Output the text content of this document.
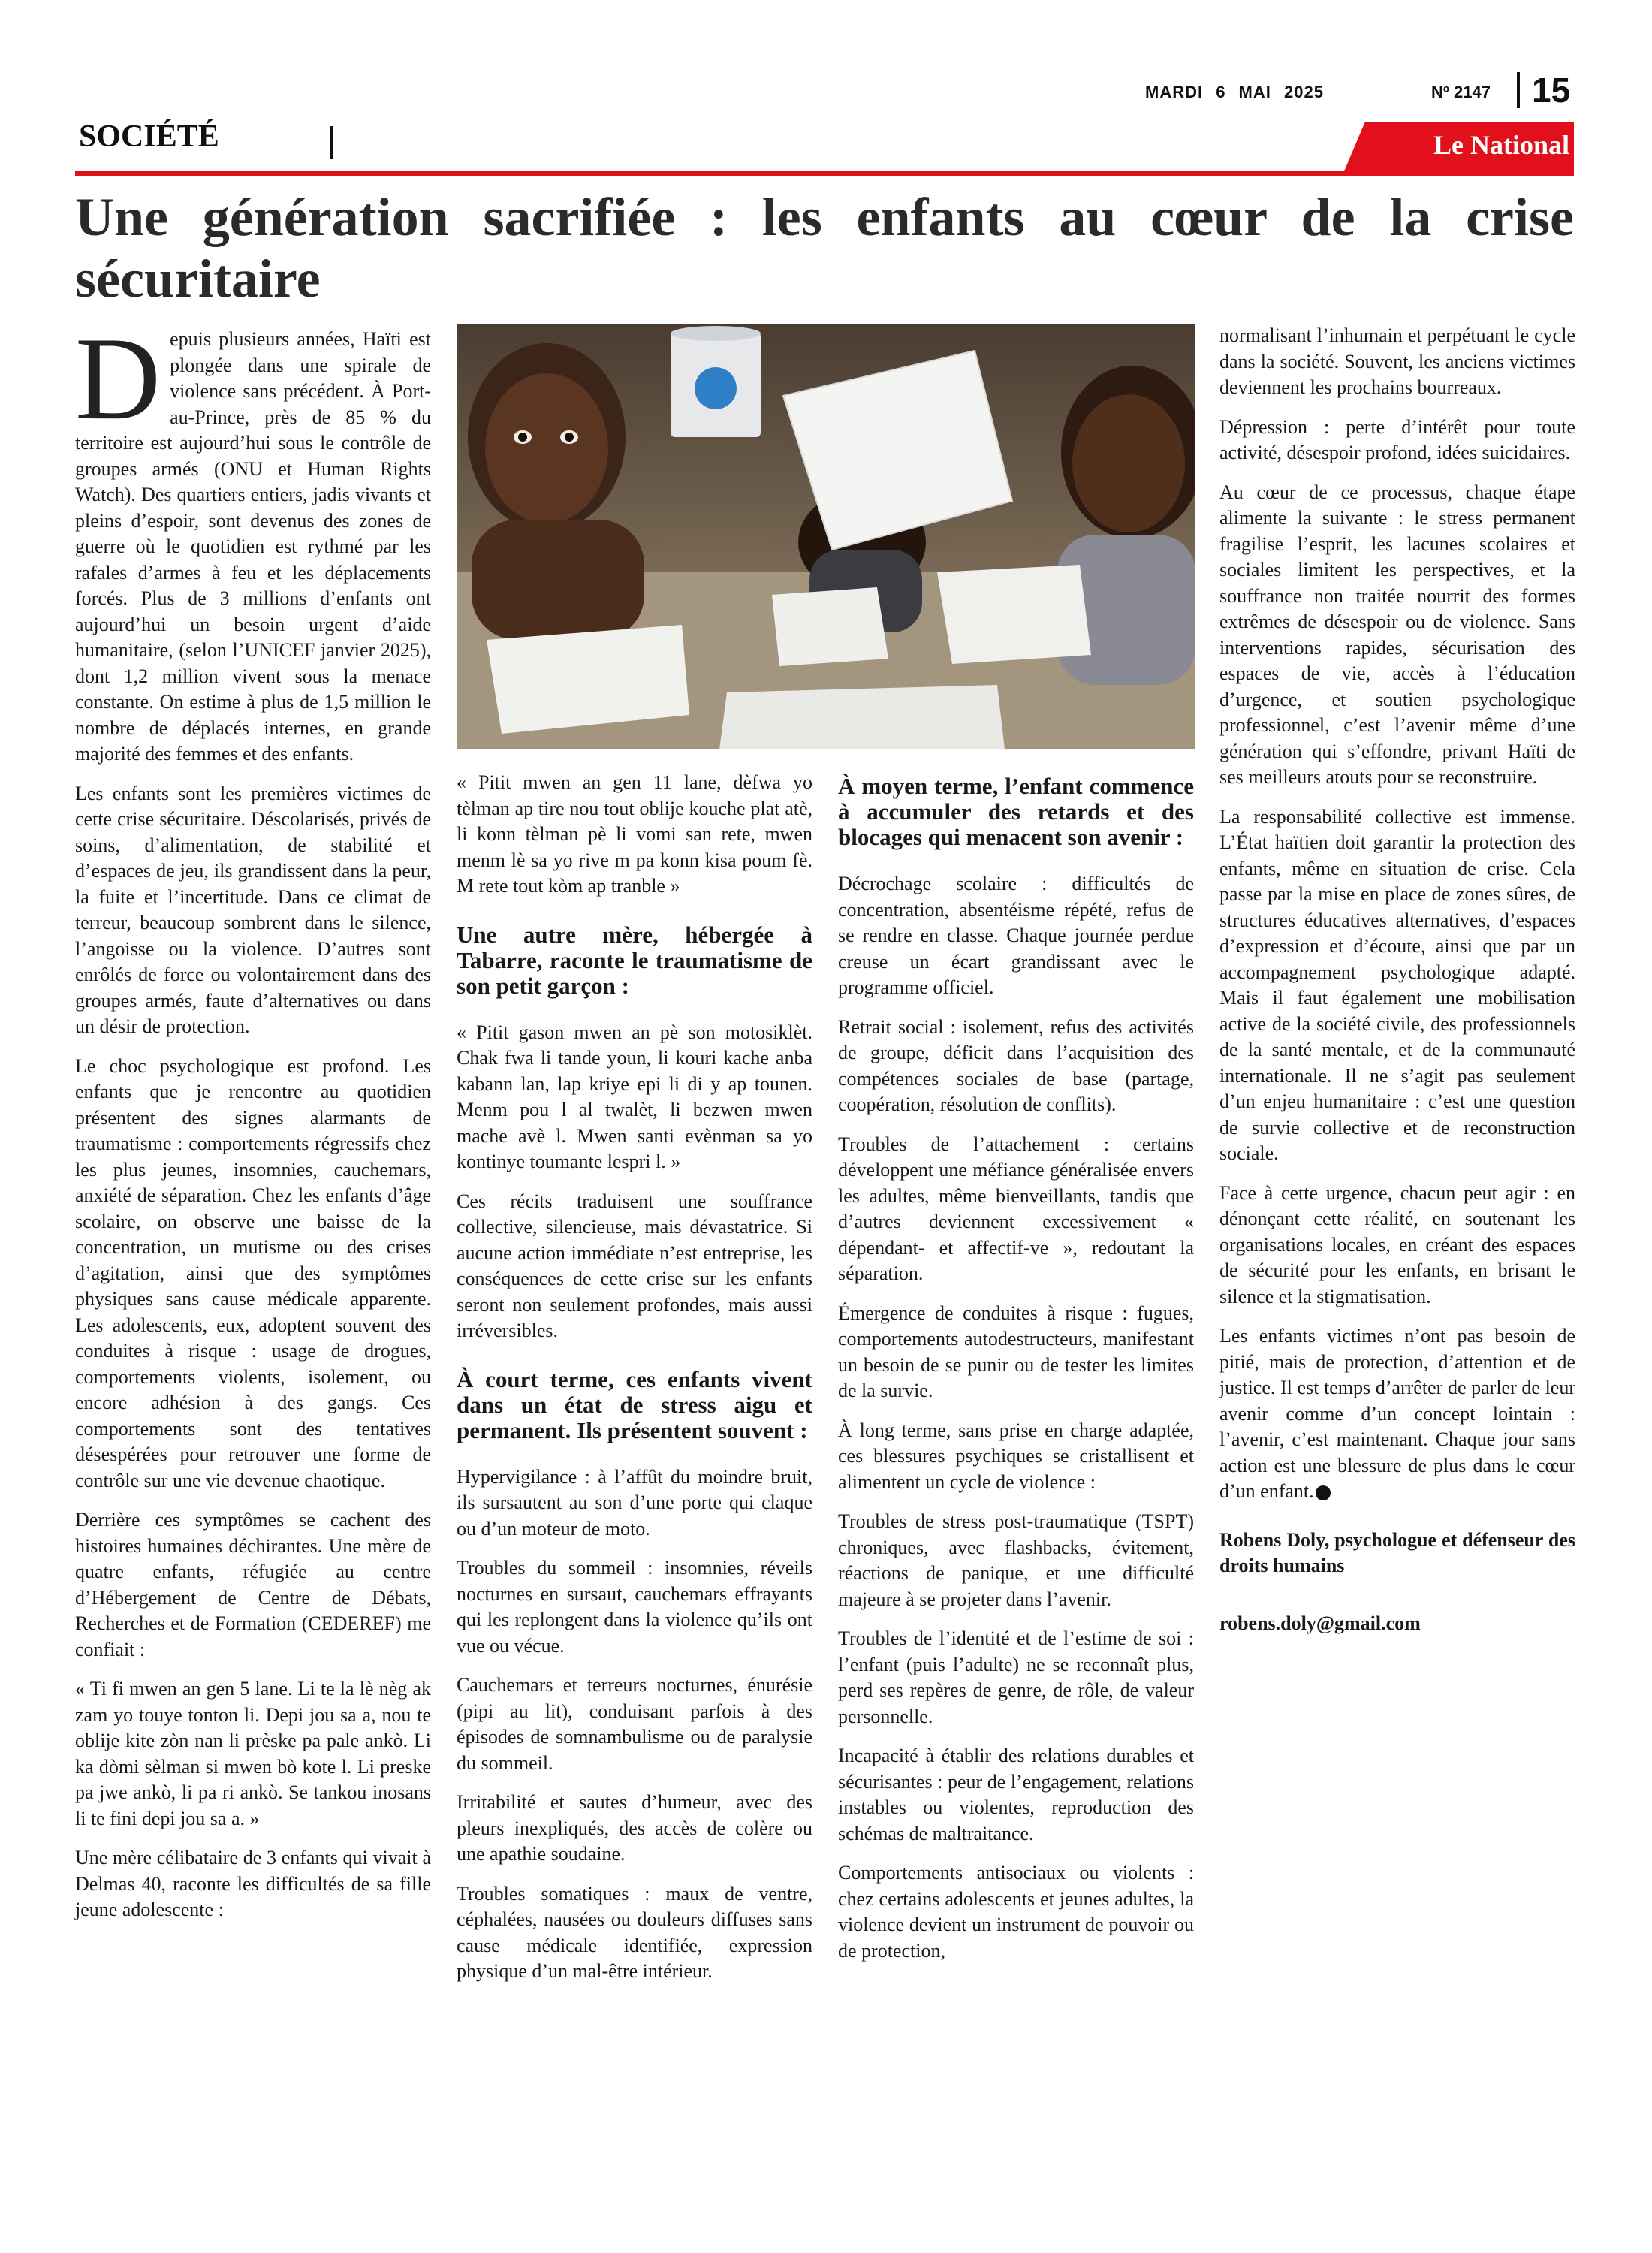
MARDI 6 MAI 2025	Nº 2147 15
SOCIÉTÉ	Le National
Une génération sacrifiée : les enfants au cœur de la crise sécuritaire

Depuis plusieurs années, Haïti est plongée dans une spirale de violence sans précédent. À Port-au-Prince, près de 85 % du territoire est aujourd’hui sous le contrôle de groupes armés (ONU et Human Rights Watch). Des quartiers entiers, jadis vivants et pleins d’espoir, sont devenus des zones de guerre où le quotidien est rythmé par les rafales d’armes à feu et les déplacements forcés. Plus de 3 millions d’enfants ont aujourd’hui un besoin urgent d’aide humanitaire, (selon l’UNICEF janvier 2025), dont 1,2 million vivent sous la menace constante. On estime à plus de 1,5 million le nombre de déplacés internes, en grande majorité des femmes et des enfants.

Les enfants sont les premières victimes de cette crise sécuritaire. Déscolarisés, privés de soins, d’alimentation, de stabilité et d’espaces de jeu, ils grandissent dans la peur, la fuite et l’incertitude. Dans ce climat de terreur, beaucoup sombrent dans le silence, l’angoisse ou la violence. D’autres sont enrôlés de force ou volontairement dans des groupes armés, faute d’alternatives ou dans un désir de protection.

Le choc psychologique est profond. Les enfants que je rencontre au quotidien présentent des signes alarmants de traumatisme : comportements régressifs chez les plus jeunes, insomnies, cauchemars, anxiété de séparation. Chez les enfants d’âge scolaire, on observe une baisse de la concentration, un mutisme ou des crises d’agitation, ainsi que des symptômes physiques sans cause médicale apparente. Les adolescents, eux, adoptent souvent des conduites à risque : usage de drogues, comportements violents, isolement, ou encore adhésion à des gangs. Ces comportements sont des tentatives désespérées pour retrouver une forme de contrôle sur une vie devenue chaotique.

Derrière ces symptômes se cachent des histoires humaines déchirantes. Une mère de quatre enfants, réfugiée au centre d’Hébergement de Centre de Débats, Recherches et de Formation (CEDEREF) me confiait :

« Ti fi mwen an gen 5 lane. Li te la lè nèg ak zam yo touye tonton li. Depi jou sa a, nou te oblije kite zòn nan li prèske pa pale ankò. Li ka dòmi sèlman si mwen bò kote l. Li preske pa jwe ankò, li pa ri ankò. Se tankou inosans li te fini depi jou sa a. »

Une mère célibataire de 3 enfants qui vivait à Delmas 40, raconte les difficultés de sa fille jeune adolescente :

« Pitit mwen an gen 11 lane, dèfwa yo tèlman ap tire nou tout oblije kouche plat atè, li konn tèlman pè li vomi san rete, mwen menm lè sa yo rive m pa konn kisa poum fè. M rete tout kòm ap tranble »

Une autre mère, hébergée à Tabarre, raconte le traumatisme de son petit garçon :

« Pitit gason mwen an pè son motosiklèt. Chak fwa li tande youn, li kouri kache anba kabann lan, lap kriye epi li di y ap tounen. Menm pou l al twalèt, li bezwen mwen mache avè l. Mwen santi evènman sa yo kontinye toumante lespri l. »

Ces récits traduisent une souffrance collective, silencieuse, mais dévastatrice. Si aucune action immédiate n’est entreprise, les conséquences de cette crise sur les enfants seront non seulement profondes, mais aussi irréversibles.

À court terme, ces enfants vivent dans un état de stress aigu et permanent. Ils présentent souvent :

Hypervigilance : à l’affût du moindre bruit, ils sursautent au son d’une porte qui claque ou d’un moteur de moto.

Troubles du sommeil : insomnies, réveils nocturnes en sursaut, cauchemars effrayants qui les replongent dans la violence qu’ils ont vue ou vécue.

Cauchemars et terreurs nocturnes, énurésie (pipi au lit), conduisant parfois à des épisodes de somnambulisme ou de paralysie du sommeil.

Irritabilité et sautes d’humeur, avec des pleurs inexpliqués, des accès de colère ou une apathie soudaine.

Troubles somatiques : maux de ventre, céphalées, nausées ou douleurs diffuses sans cause médicale identifiée, expression physique d’un mal-être intérieur.

À moyen terme, l’enfant commence à accumuler des retards et des blocages qui menacent son avenir :

Décrochage scolaire : difficultés de concentration, absentéisme répété, refus de se rendre en classe. Chaque journée perdue creuse un écart grandissant avec le programme officiel.

Retrait social : isolement, refus des activités de groupe, déficit dans l’acquisition des compétences sociales de base (partage, coopération, résolution de conflits).

Troubles de l’attachement : certains développent une méfiance généralisée envers les adultes, même bienveillants, tandis que d’autres deviennent excessivement « dépendant- et affectif-ve », redoutant la séparation.

Émergence de conduites à risque : fugues, comportements autodestructeurs, manifestant un besoin de se punir ou de tester les limites de la survie.

À long terme, sans prise en charge adaptée, ces blessures psychiques se cristallisent et alimentent un cycle de violence :

Troubles de stress post-traumatique (TSPT) chroniques, avec flashbacks, évitement, réactions de panique, et une difficulté majeure à se projeter dans l’avenir.

Troubles de l’identité et de l’estime de soi : l’enfant (puis l’adulte) ne se reconnaît plus, perd ses repères de genre, de rôle, de valeur personnelle.

Incapacité à établir des relations durables et sécurisantes : peur de l’engagement, relations instables ou violentes, reproduction des schémas de maltraitance.

Comportements antisociaux ou violents : chez certains adolescents et jeunes adultes, la violence devient un instrument de pouvoir ou de protection,

normalisant l’inhumain et perpétuant le cycle dans la société. Souvent, les anciens victimes deviennent les prochains bourreaux.

Dépression : perte d’intérêt pour toute activité, désespoir profond, idées suicidaires.

Au cœur de ce processus, chaque étape alimente la suivante : le stress permanent fragilise l’esprit, les lacunes scolaires et sociales limitent les perspectives, et la souffrance non traitée nourrit des formes extrêmes de désespoir ou de violence. Sans interventions rapides, sécurisation des espaces de vie, accès à l’éducation d’urgence, et soutien psychologique professionnel, c’est l’avenir même d’une génération qui s’effondre, privant Haïti de ses meilleurs atouts pour se reconstruire.

La responsabilité collective est immense. L’État haïtien doit garantir la protection des enfants, même en situation de crise. Cela passe par la mise en place de zones sûres, de structures éducatives alternatives, d’espaces d’expression et d’écoute, ainsi que par un accompagnement psychologique adapté. Mais il faut également une mobilisation active de la société civile, des professionnels de la santé mentale, et de la communauté internationale. Il ne s’agit pas seulement d’un enjeu humanitaire : c’est une question de survie collective et de reconstruction sociale.

Face à cette urgence, chacun peut agir : en dénonçant cette réalité, en soutenant les organisations locales, en créant des espaces de sécurité pour les enfants, en brisant le silence et la stigmatisation.

Les enfants victimes n’ont pas besoin de pitié, mais de protection, d’attention et de justice. Il est temps d’arrêter de parler de leur avenir comme d’un concept lointain : l’avenir, c’est maintenant. Chaque jour sans action est une blessure de plus dans le cœur d’un enfant.

Robens Doly, psychologue et défenseur des droits humains

robens.doly@gmail.com
